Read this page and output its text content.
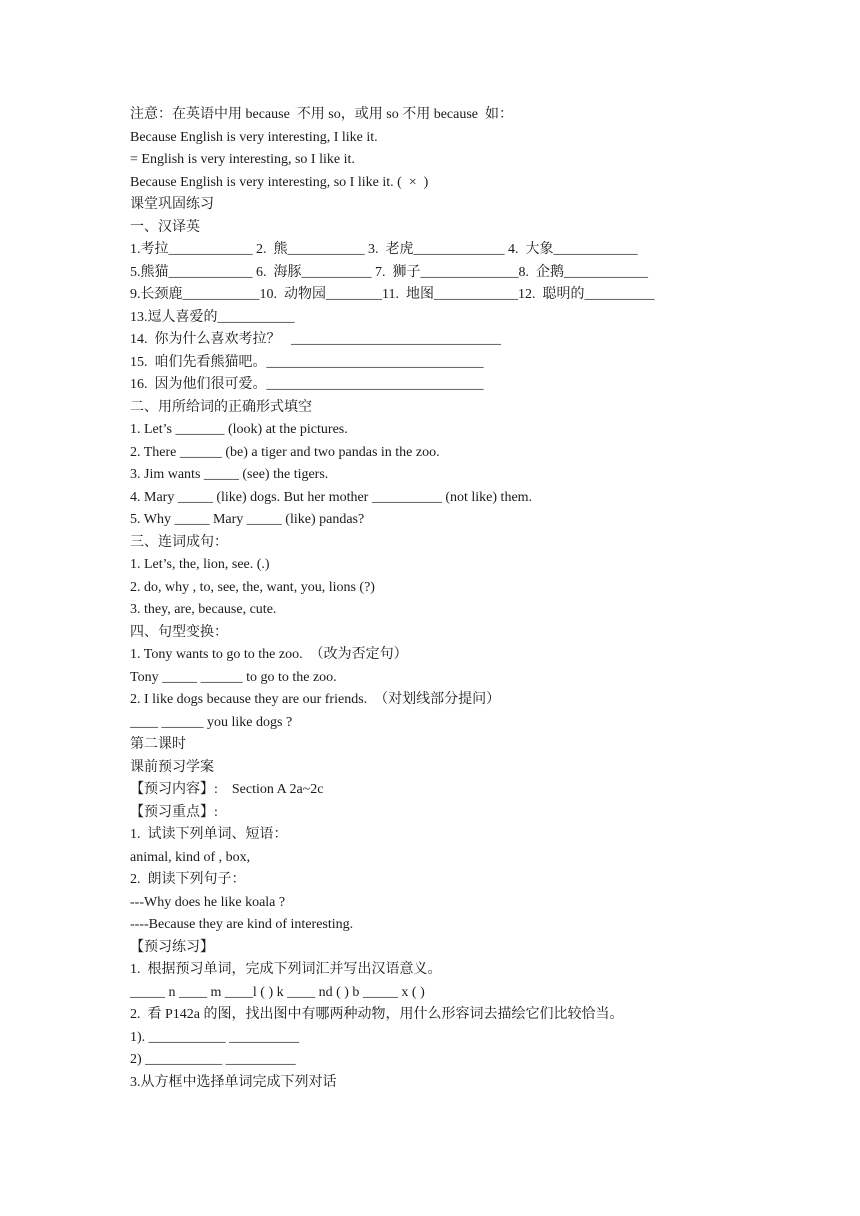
注意：在英语中用 because  不用 so，或用 so 不用 because  如：
Because English is very interesting, I like it.
= English is very interesting, so I like it.
Because English is very interesting, so I like it. (  ×  )
课堂巩固练习
一、汉译英
1.考拉____________ 2.  熊___________ 3.  老虎_____________ 4.  大象____________
5.熊猫____________ 6.  海豚__________ 7.  狮子______________8.  企鹅____________
9.长颈鹿___________10.  动物园________11.  地图____________12.  聪明的__________
13.逗人喜爱的___________
14.  你为什么喜欢考拉？   ______________________________
15.  咱们先看熊猫吧。_______________________________
16.  因为他们很可爱。_______________________________
二、用所给词的正确形式填空
1. Let’s _______ (look) at the pictures.
2. There ______ (be) a tiger and two pandas in the zoo.
3. Jim wants _____ (see) the tigers.
4. Mary _____ (like) dogs. But her mother __________ (not like) them.
5. Why _____ Mary _____ (like) pandas?
三、连词成句：
1. Let’s, the, lion, see. (.)
2. do, why , to, see, the, want, you, lions (?)
3. they, are, because, cute.
四、句型变换：
1. Tony wants to go to the zoo.  （改为否定句）
Tony _____ ______ to go to the zoo.
2. I like dogs because they are our friends.  （对划线部分提问）
____ ______ you like dogs ?
第二课时
课前预习学案
【预习内容】:    Section A 2a~2c
【预习重点】:
1.  试读下列单词、短语：
animal, kind of , box,
2.  朗读下列句子：
---Why does he like koala ?
----Because they are kind of interesting.
【预习练习】
1.  根据预习单词，完成下列词汇并写出汉语意义。
_____ n ____ m ____l ( ) k ____ nd ( ) b _____ x ( )
2.  看 P142a 的图，找出图中有哪两种动物，用什么形容词去描绘它们比较恰当。
1). ___________ __________
2) ___________ __________
3.从方框中选择单词完成下列对话
